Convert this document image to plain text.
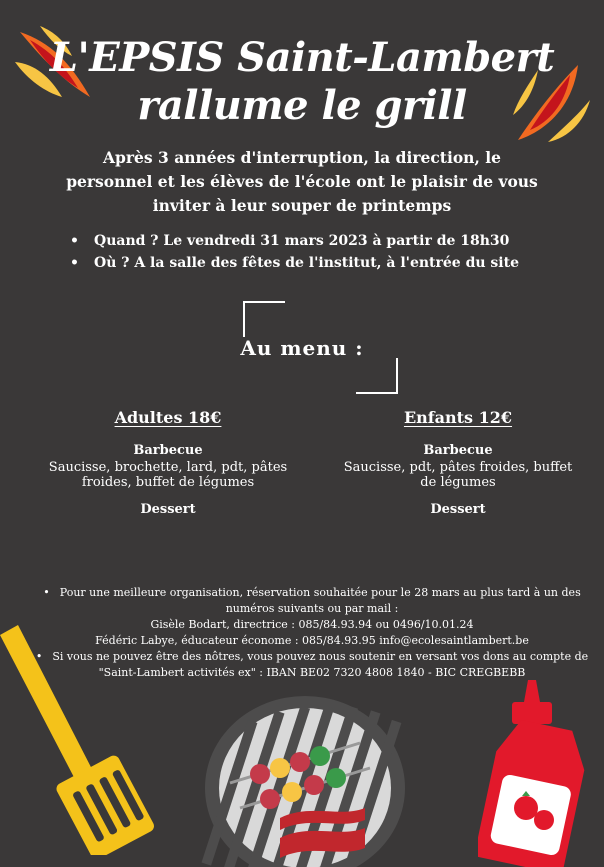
L'EPSIS Saint-Lambert
rallume le grill
Après 3 années d'interruption, la direction, le personnel et les élèves de l'école ont le plaisir de vous inviter à leur souper de printemps
• Quand ? Le vendredi 31 mars 2023 à partir de 18h30
• Où ? A la salle des fêtes de l'institut, à l'entrée du site
Au menu :
Adultes 18€
Barbecue
Saucisse, brochette, lard, pdt, pâtes froides, buffet de légumes
Dessert
Enfants 12€
Barbecue
Saucisse, pdt, pâtes froides, buffet de légumes
Dessert

• Pour une meilleure organisation, réservation souhaitée pour le 28 mars au plus tard à un des numéros suivants ou par mail :

Gisèle Bodart, directrice : 085/84.93.94 ou 0496/10.01.24

Fédéric Labye, éducateur économe : 085/84.93.95 info@ecolesaintlambert.be

• Si vous ne pouvez être des nôtres, vous pouvez nous soutenir en versant vos dons au compte de "Saint-Lambert activités ex" : IBAN BE02 7320 4808 1840 - BIC CREGBEBB
